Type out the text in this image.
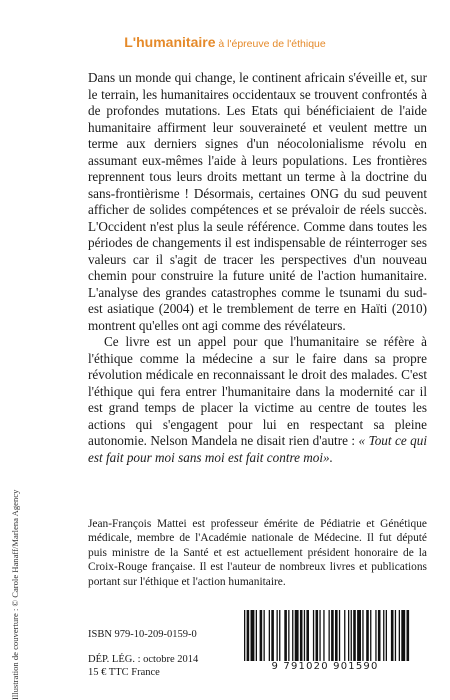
L'humanitaire à l'épreuve de l'éthique

Dans un monde qui change, le continent africain s'éveille et, sur le terrain, les humanitaires occidentaux se trouvent confrontés à de profondes mutations. Les Etats qui bénéficiaient de l'aide humanitaire affirment leur souveraineté et veulent mettre un terme aux derniers signes d'un néocolonialisme révolu en assumant eux-mêmes l'aide à leurs populations. Les frontières reprennent tous leurs droits mettant un terme à la doctrine du sans-frontièrisme ! Désormais, certaines ONG du sud peuvent afficher de solides compétences et se prévaloir de réels succès. L'Occident n'est plus la seule référence. Comme dans toutes les périodes de changements il est indispensable de réinterroger ses valeurs car il s'agit de tracer les perspectives d'un nouveau chemin pour construire la future unité de l'action humanitaire. L'analyse des grandes catastrophes comme le tsunami du sud-est asiatique (2004) et le tremblement de terre en Haïti (2010) montrent qu'elles ont agi comme des révélateurs.

Ce livre est un appel pour que l'humanitaire se réfère à l'éthique comme la médecine a sur le faire dans sa propre révolution médicale en reconnaissant le droit des malades. C'est l'éthique qui fera entrer l'humanitaire dans la modernité car il est grand temps de placer la victime au centre de toutes les actions qui s'engagent pour lui en respectant sa pleine autonomie. Nelson Mandela ne disait rien d'autre : « Tout ce qui est fait pour moi sans moi est fait contre moi».

Jean-François Mattei est professeur émérite de Pédiatrie et Génétique médicale, membre de l'Académie nationale de Médecine. Il fut député puis ministre de la Santé et est actuellement président honoraire de la Croix-Rouge française. Il est l'auteur de nombreux livres et publications portant sur l'éthique et l'action humanitaire.

ISBN 979-10-209-0159-0
DÉP. LÉG. : octobre 2014
15 € TTC France
Illustration de couverture : © Carole Hanaff/Marlena Agency	9 791020 901590
